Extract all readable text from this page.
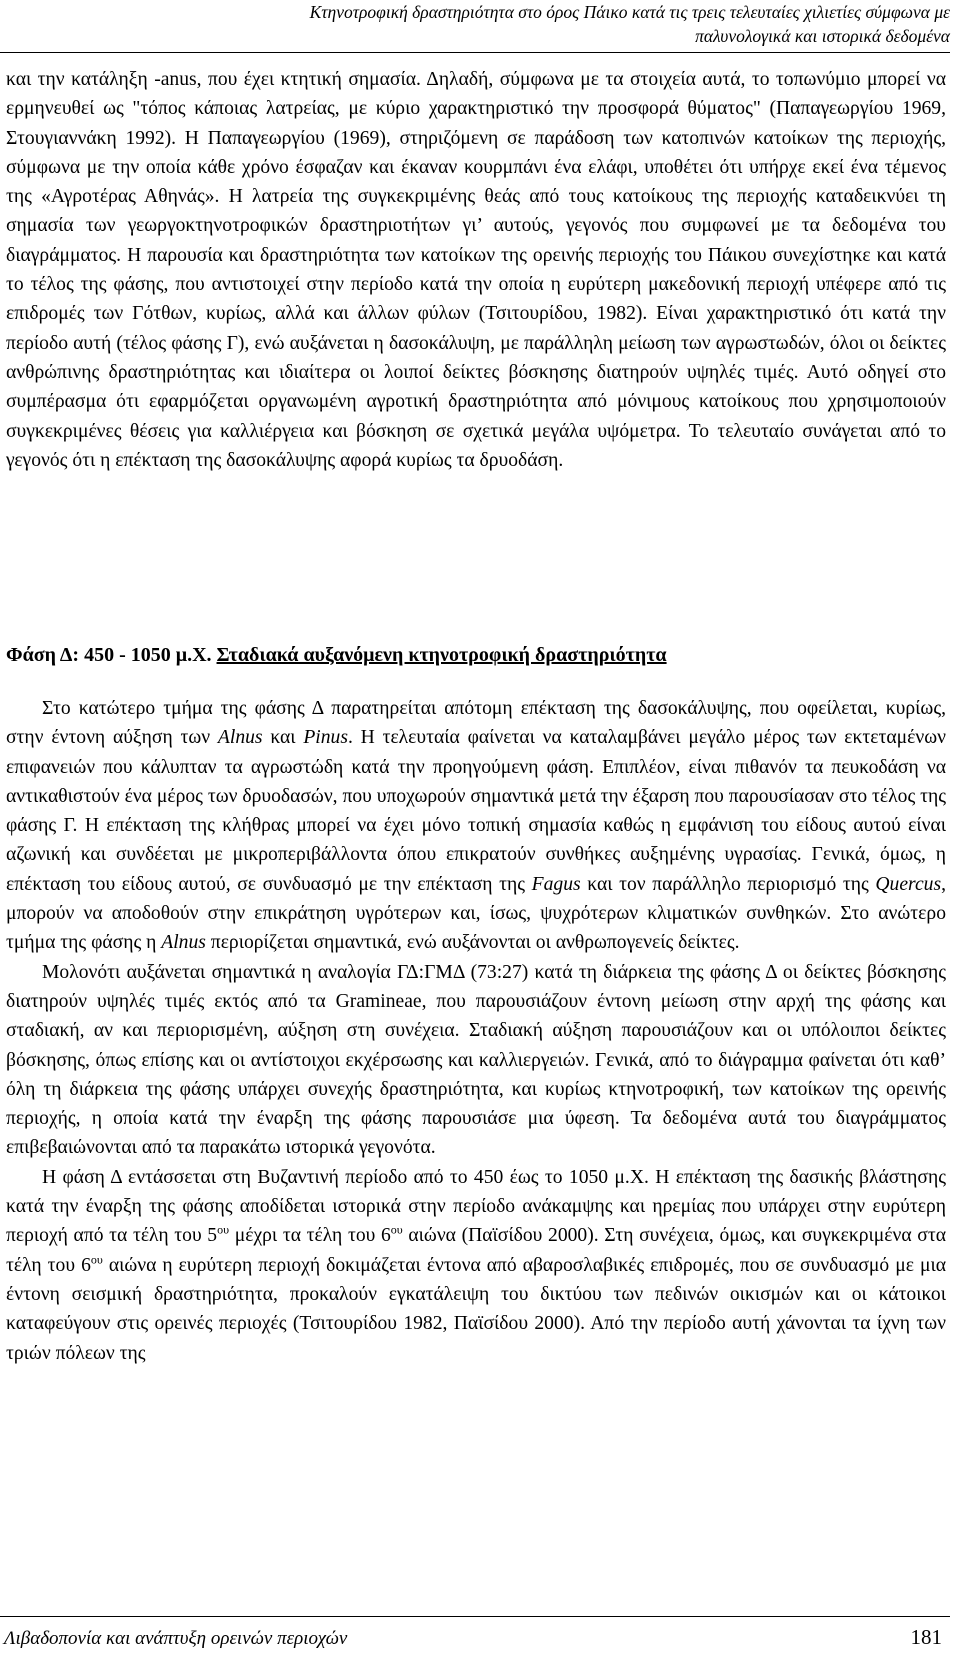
Κτηνοτροφική δραστηριότητα στο όρος Πάικο κατά τις τρεις τελευταίες χιλιετίες σύμφωνα με
παλυνολογικά και ιστορικά δεδομένα

και την κατάληξη -anus, που έχει κτητική σημασία. Δηλαδή, σύμφωνα με τα στοιχεία αυτά, το τοπωνύμιο μπορεί να ερμηνευθεί ως "τόπος κάποιας λατρείας, με κύριο χαρακτηριστικό την προσφορά θύματος" (Παπαγεωργίου 1969, Στουγιαννάκη 1992). Η Παπαγεωργίου (1969), στηριζόμενη σε παράδοση των κατοπινών κατοίκων της περιοχής, σύμφωνα με την οποία κάθε χρόνο έσφαζαν και έκαναν κουρμπάνι ένα ελάφι, υποθέτει ότι υπήρχε εκεί ένα τέμενος της «Αγροτέρας Αθηνάς». Η λατρεία της συγκεκριμένης θεάς από τους κατοίκους της περιοχής καταδεικνύει τη σημασία των γεωργοκτηνοτροφικών δραστηριοτήτων γι’ αυτούς, γεγονός που συμφωνεί με τα δεδομένα του διαγράμματος. Η παρουσία και δραστηριότητα των κατοίκων της ορεινής περιοχής του Πάικου συνεχίστηκε και κατά το τέλος της φάσης, που αντιστοιχεί στην περίοδο κατά την οποία η ευρύτερη μακεδονική περιοχή υπέφερε από τις επιδρομές των Γότθων, κυρίως, αλλά και άλλων φύλων (Τσιτουρίδου, 1982). Είναι χαρακτηριστικό ότι κατά την περίοδο αυτή (τέλος φάσης Γ), ενώ αυξάνεται η δασοκάλυψη, με παράλληλη μείωση των αγρωστωδών, όλοι οι δείκτες ανθρώπινης δραστηριότητας και ιδιαίτερα οι λοιποί δείκτες βόσκησης διατηρούν υψηλές τιμές. Αυτό οδηγεί στο συμπέρασμα ότι εφαρμόζεται οργανωμένη αγροτική δραστηριότητα από μόνιμους κατοίκους που χρησιμοποιούν συγκεκριμένες θέσεις για καλλιέργεια και βόσκηση σε σχετικά μεγάλα υψόμετρα. Το τελευταίο συνάγεται από το γεγονός ότι η επέκταση της δασοκάλυψης αφορά κυρίως τα δρυοδάση.

Φάση Δ: 450 - 1050 μ.Χ. Σταδιακά αυξανόμενη κτηνοτροφική δραστηριότητα

Στο κατώτερο τμήμα της φάσης Δ παρατηρείται απότομη επέκταση της δασοκάλυψης, που οφείλεται, κυρίως, στην έντονη αύξηση των Alnus και Pinus. Η τελευταία φαίνεται να καταλαμβάνει μεγάλο μέρος των εκτεταμένων επιφανειών που κάλυπταν τα αγρωστώδη κατά την προηγούμενη φάση. Επιπλέον, είναι πιθανόν τα πευκοδάση να αντικαθιστούν ένα μέρος των δρυοδασών, που υποχωρούν σημαντικά μετά την έξαρση που παρουσίασαν στο τέλος της φάσης Γ. Η επέκταση της κλήθρας μπορεί να έχει μόνο τοπική σημασία καθώς η εμφάνιση του είδους αυτού είναι αζωνική και συνδέεται με μικροπεριβάλλοντα όπου επικρατούν συνθήκες αυξημένης υγρασίας. Γενικά, όμως, η επέκταση του είδους αυτού, σε συνδυασμό με την επέκταση της Fagus και τον παράλληλο περιορισμό της Quercus, μπορούν να αποδοθούν στην επικράτηση υγρότερων και, ίσως, ψυχρότερων κλιματικών συνθηκών. Στο ανώτερο τμήμα της φάσης η Alnus περιορίζεται σημαντικά, ενώ αυξάνονται οι ανθρωπογενείς δείκτες.

Μολονότι αυξάνεται σημαντικά η αναλογία ΓΔ:ΓΜΔ (73:27) κατά τη διάρκεια της φάσης Δ οι δείκτες βόσκησης διατηρούν υψηλές τιμές εκτός από τα Gramineae, που παρουσιάζουν έντονη μείωση στην αρχή της φάσης και σταδιακή, αν και περιορισμένη, αύξηση στη συνέχεια. Σταδιακή αύξηση παρουσιάζουν και οι υπόλοιποι δείκτες βόσκησης, όπως επίσης και οι αντίστοιχοι εκχέρσωσης και καλλιεργειών. Γενικά, από το διάγραμμα φαίνεται ότι καθ’ όλη τη διάρκεια της φάσης υπάρχει συνεχής δραστηριότητα, και κυρίως κτηνοτροφική, των κατοίκων της ορεινής περιοχής, η οποία κατά την έναρξη της φάσης παρουσιάσε μια ύφεση. Τα δεδομένα αυτά του διαγράμματος επιβεβαιώνονται από τα παρακάτω ιστορικά γεγονότα.

Η φάση Δ εντάσσεται στη Βυζαντινή περίοδο από το 450 έως το 1050 μ.Χ. Η επέκταση της δασικής βλάστησης κατά την έναρξη της φάσης αποδίδεται ιστορικά στην περίοδο ανάκαμψης και ηρεμίας που υπάρχει στην ευρύτερη περιοχή από τα τέλη του $5^{o\upsilon}$ μέχρι τα τέλη του $6^{o\upsilon}$ αιώνα (Παϊσίδου 2000). Στη συνέχεια, όμως, και συγκεκριμένα στα τέλη του $6^{o\upsilon}$ αιώνα η ευρύτερη περιοχή δοκιμάζεται έντονα από αβαροσλαβικές επιδρομές, που σε συνδυασμό με μια έντονη σεισμική δραστηριότητα, προκαλούν εγκατάλειψη του δικτύου των πεδινών οικισμών και οι κάτοικοι καταφεύγουν στις ορεινές περιοχές (Τσιτουρίδου 1982, Παϊσίδου 2000). Από την περίοδο αυτή χάνονται τα ίχνη των τριών πόλεων της

Λιβαδοπονία και ανάπτυξη ορεινών περιοχών	181
